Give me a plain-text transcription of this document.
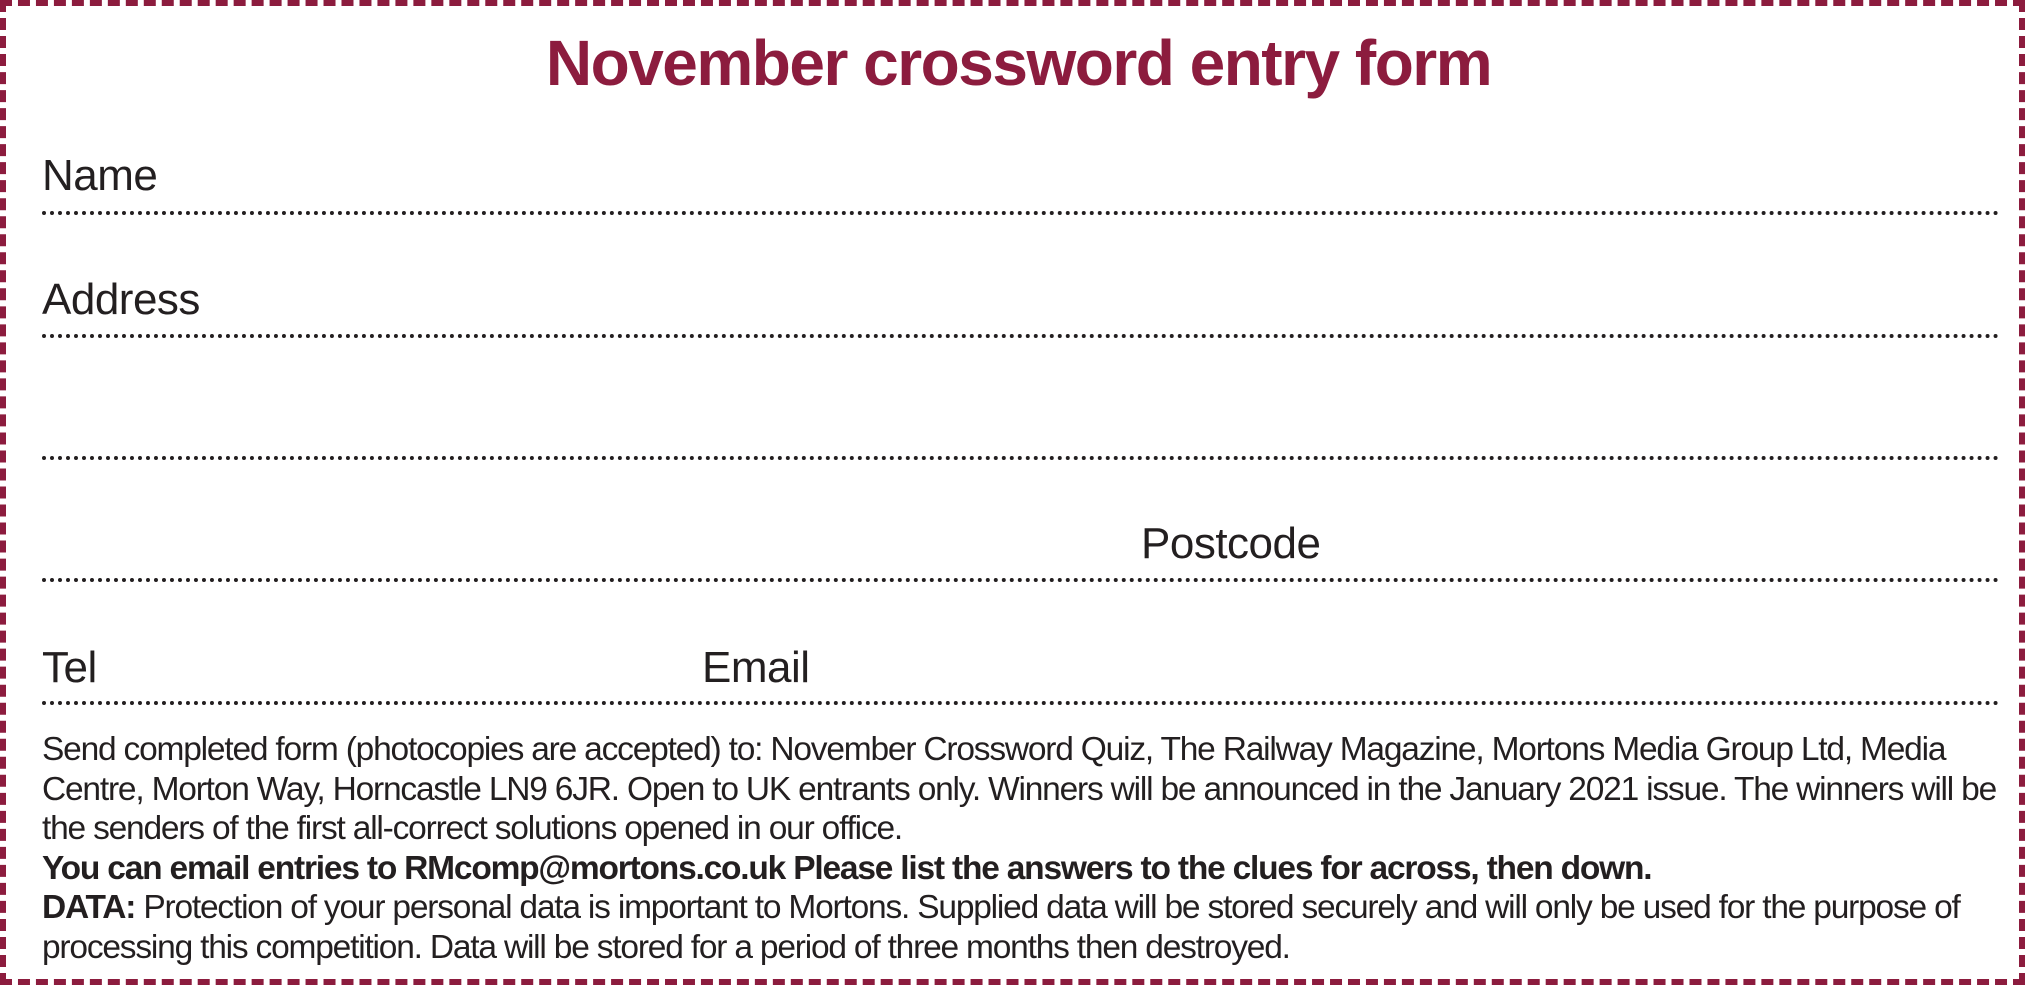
November crossword entry form
Name
Address
Postcode
Tel	Email

Send completed form (photocopies are accepted) to: November Crossword Quiz, The Railway Magazine, Mortons Media Group Ltd, Media Centre, Morton Way, Horncastle LN9 6JR. Open to UK entrants only. Winners will be announced in the January 2021 issue. The winners will be the senders of the first all-correct solutions opened in our office.

You can email entries to RMcomp@mortons.co.uk Please list the answers to the clues for across, then down.

DATA: Protection of your personal data is important to Mortons. Supplied data will be stored securely and will only be used for the purpose of processing this competition. Data will be stored for a period of three months then destroyed.
